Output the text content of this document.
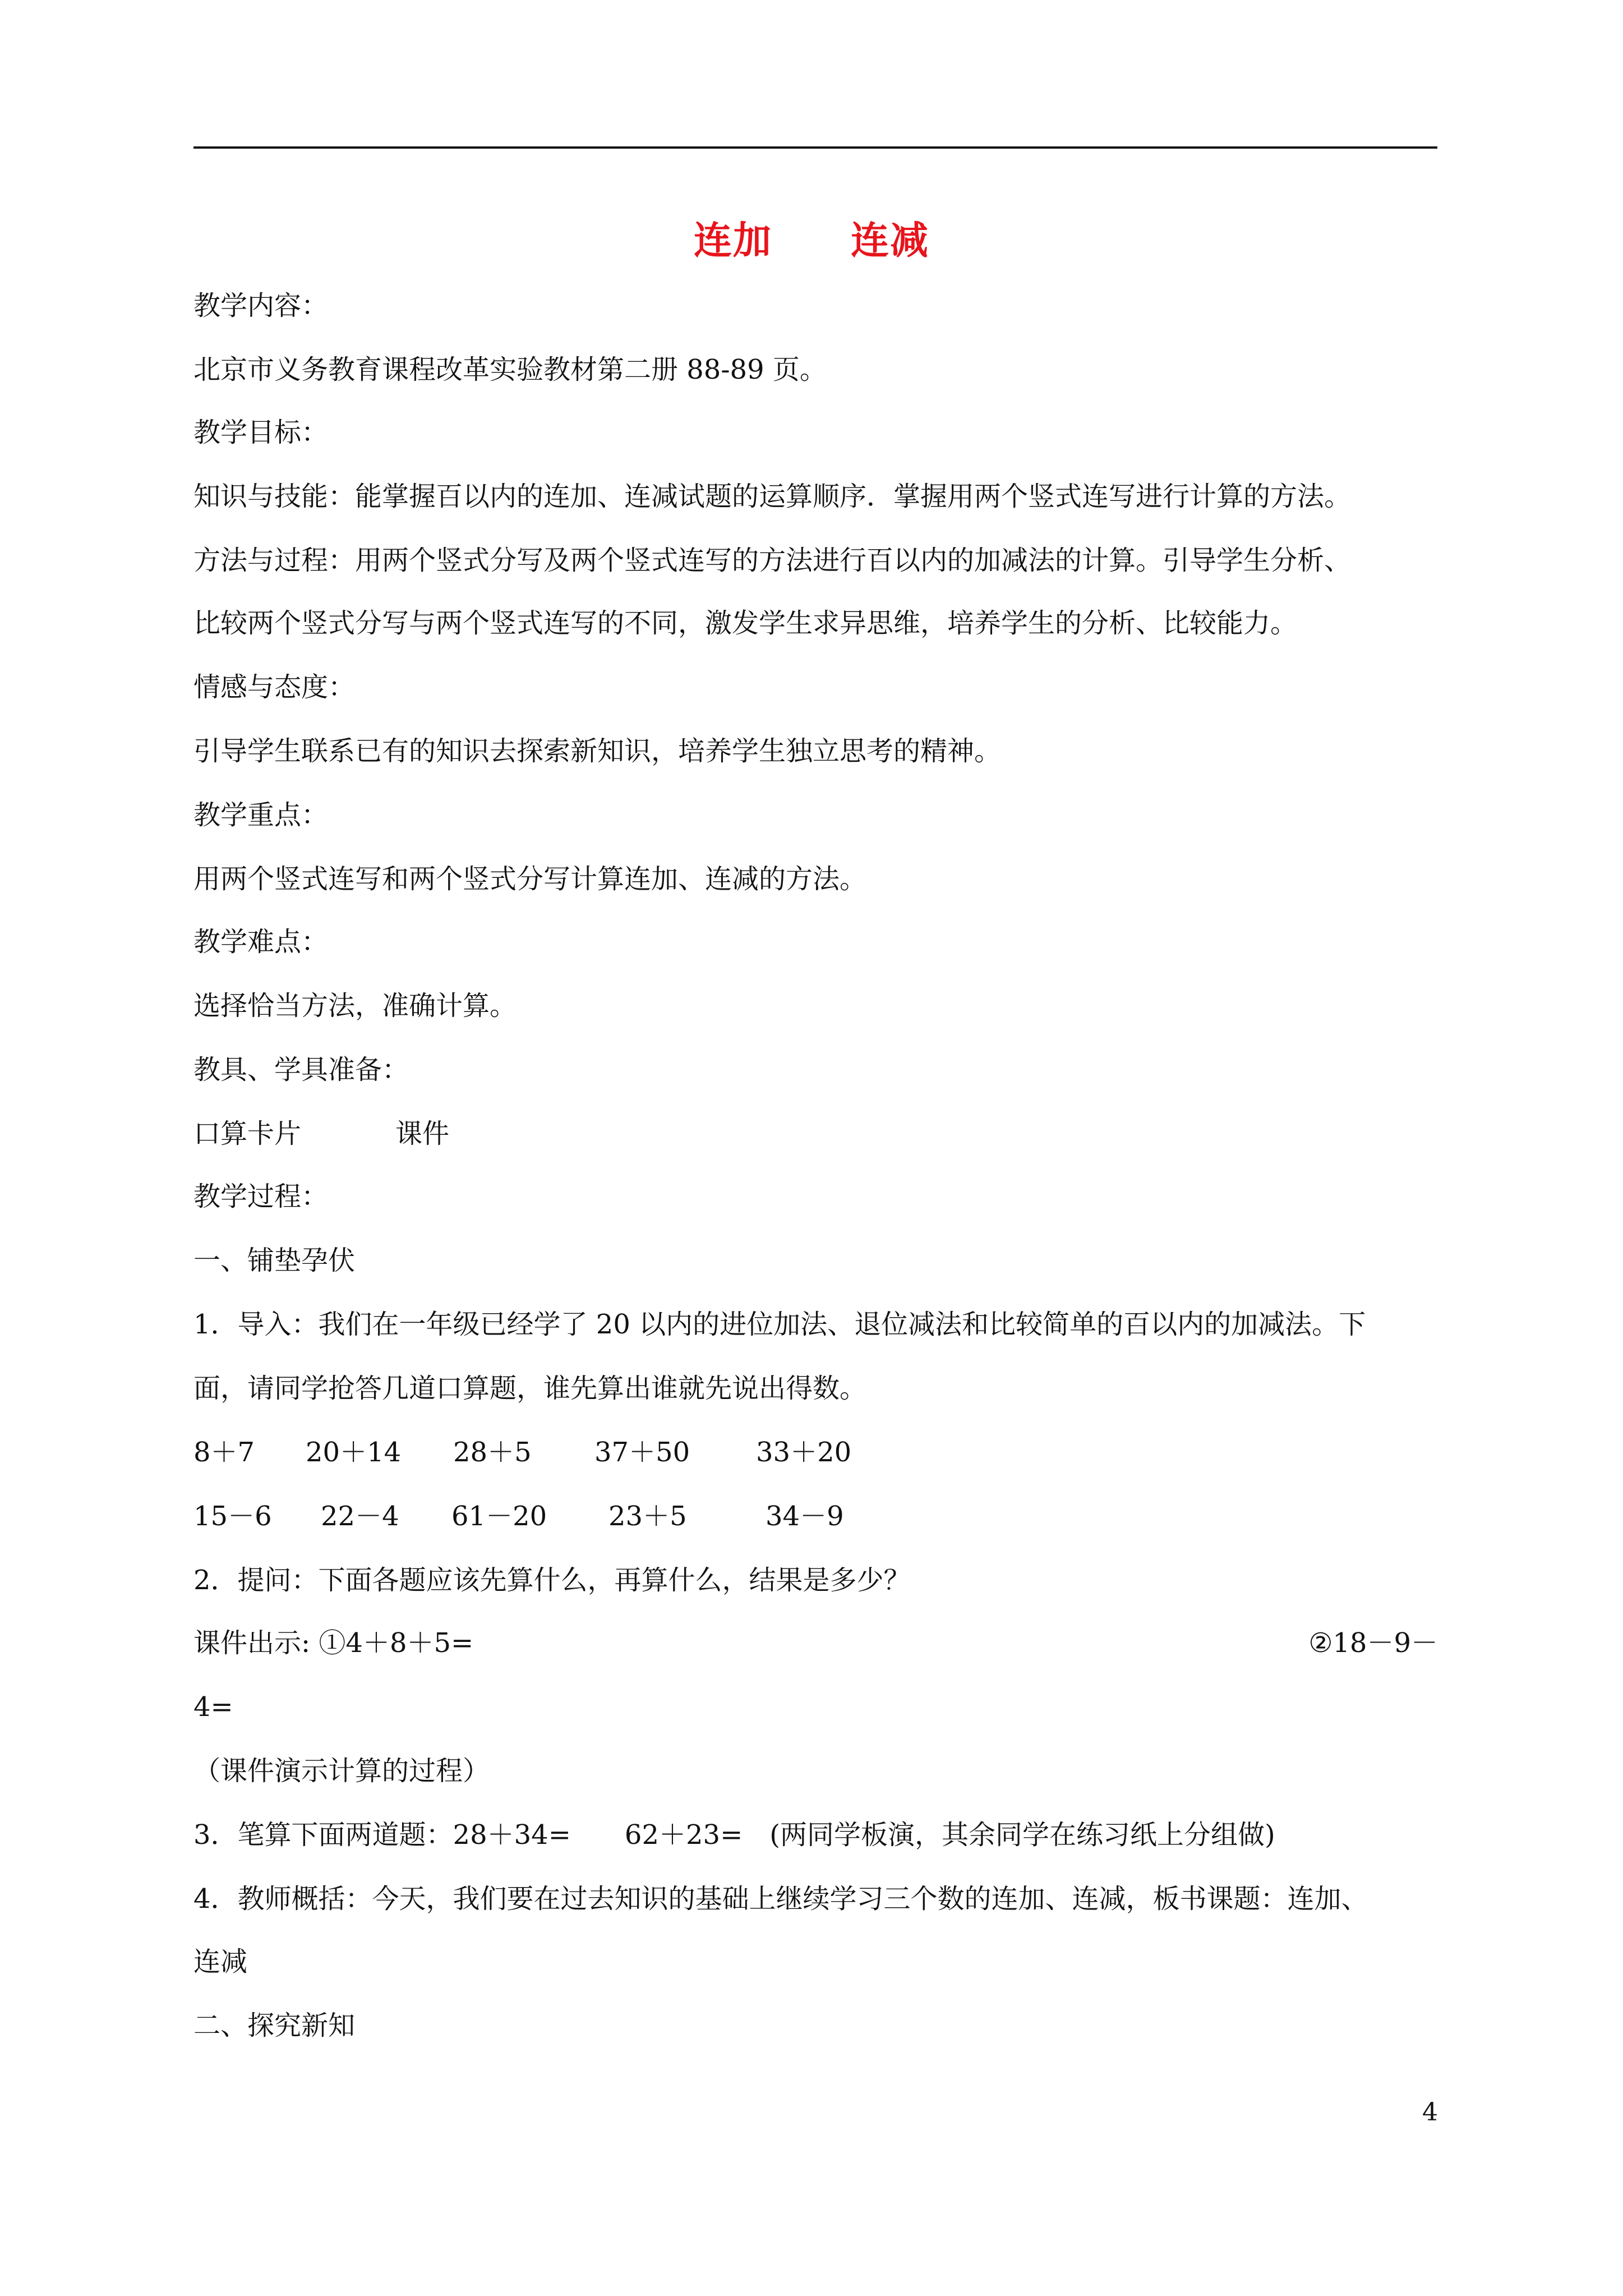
连加　　连减
教学内容：
北京市义务教育课程改革实验教材第二册 88-89 页。
教学目标：
知识与技能：能掌握百以内的连加、连减试题的运算顺序．掌握用两个竖式连写进行计算的方法。
方法与过程：用两个竖式分写及两个竖式连写的方法进行百以内的加减法的计算。引导学生分析、
比较两个竖式分写与两个竖式连写的不同，激发学生求异思维，培养学生的分析、比较能力。
情感与态度：
引导学生联系已有的知识去探索新知识，培养学生独立思考的精神。
教学重点：
用两个竖式连写和两个竖式分写计算连加、连减的方法。
教学难点：
选择恰当方法，准确计算。
教具、学具准备：
口算卡片	课件
教学过程：
一、铺垫孕伏
1．导入：我们在一年级已经学了 20 以内的进位加法、退位减法和比较简单的百以内的加减法。下
面，请同学抢答几道口算题，谁先算出谁就先说出得数。
8＋7 20＋14 28＋5 37＋50 33＋20
15－6 22－4 61－20 23＋5	34－9
2．提问：下面各题应该先算什么，再算什么，结果是多少？
课件出示: ①4＋8＋5=	②18－9－
4=
（课件演示计算的过程）
3．笔算下面两道题：28＋34=　　62＋23=　(两同学板演，其余同学在练习纸上分组做)
4．教师概括：今天，我们要在过去知识的基础上继续学习三个数的连加、连减，板书课题：连加、
连减
二、探究新知
4
